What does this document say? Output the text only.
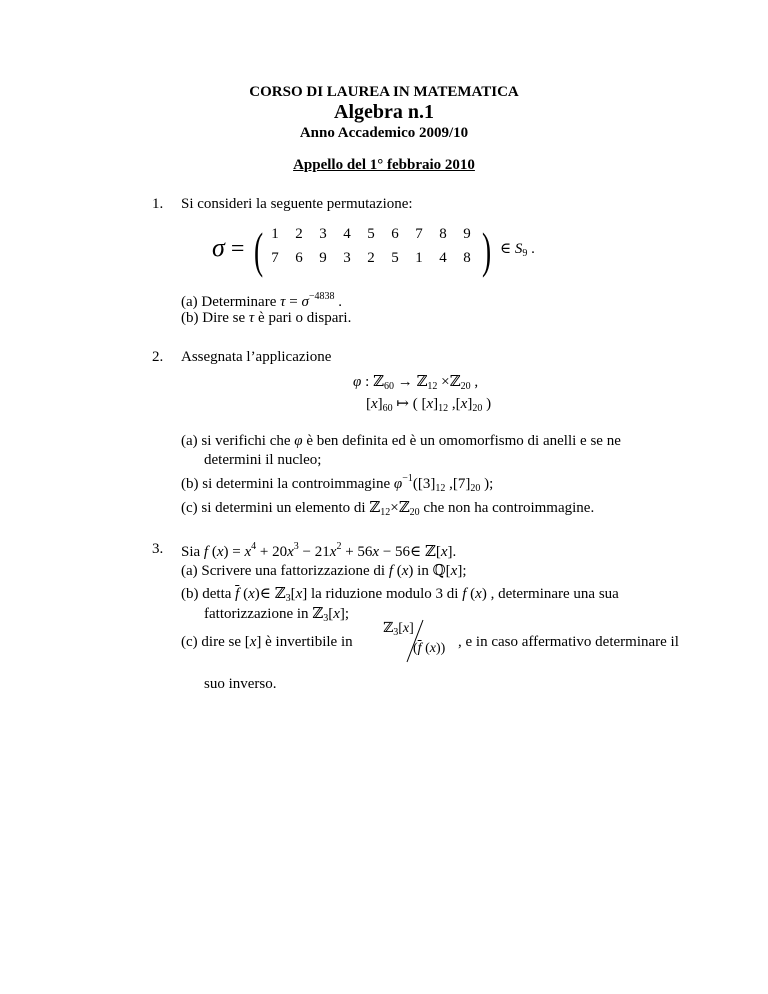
CORSO DI LAUREA IN MATEMATICA
Algebra n.1
Anno Accademico 2009/10
Appello del 1° febbraio 2010
1. Si consideri la seguente permutazione:
σ = ( 1 2 3 4 5 6 7 8 9
7 6 9 3 2 5 1 4 8 ) ∈ $S_9$ .
(a) Determinare $\tau = \sigma^{-4838}$ .
(b) Dire se τ è pari o dispari.
2. Assegnata l’applicazione
φ : ℤ$_{60}$ → ℤ$_{12}$ ×ℤ$_{20}$ ,
$[x]_{60}$ ↦ ( $[x]_{12}$ $,[x]_{20}$ )
(a) si verifichi che φ è ben definita ed è un omomorfismo di anelli e se ne
determini il nucleo;
(b) si determini la controimmagine $\varphi^{-1}([3]_{12}$ $,[7]_{20}$ );
(c) si determini un elemento di ℤ$_{12}$×ℤ$_{20}$ che non ha controimmagine.
3. Sia f $(x) = x^4 + 20x^3 - 21x^2 + 56x$ − 56∈ ℤ[x].
(a) Scrivere una fattorizzazione di f (x) in ℚ[x];
(b) detta $\overline{f}$ (x)∈ ℤ$_3$[x] la riduzione modulo 3 di f (x) , determinare una sua
fattorizzazione in ℤ$_3$[x];
(c) dire se [x] è invertibile in
ℤ$_3$[x]
($\overline{f}$ (x)) , e in caso affermativo determinare il
suo inverso.
